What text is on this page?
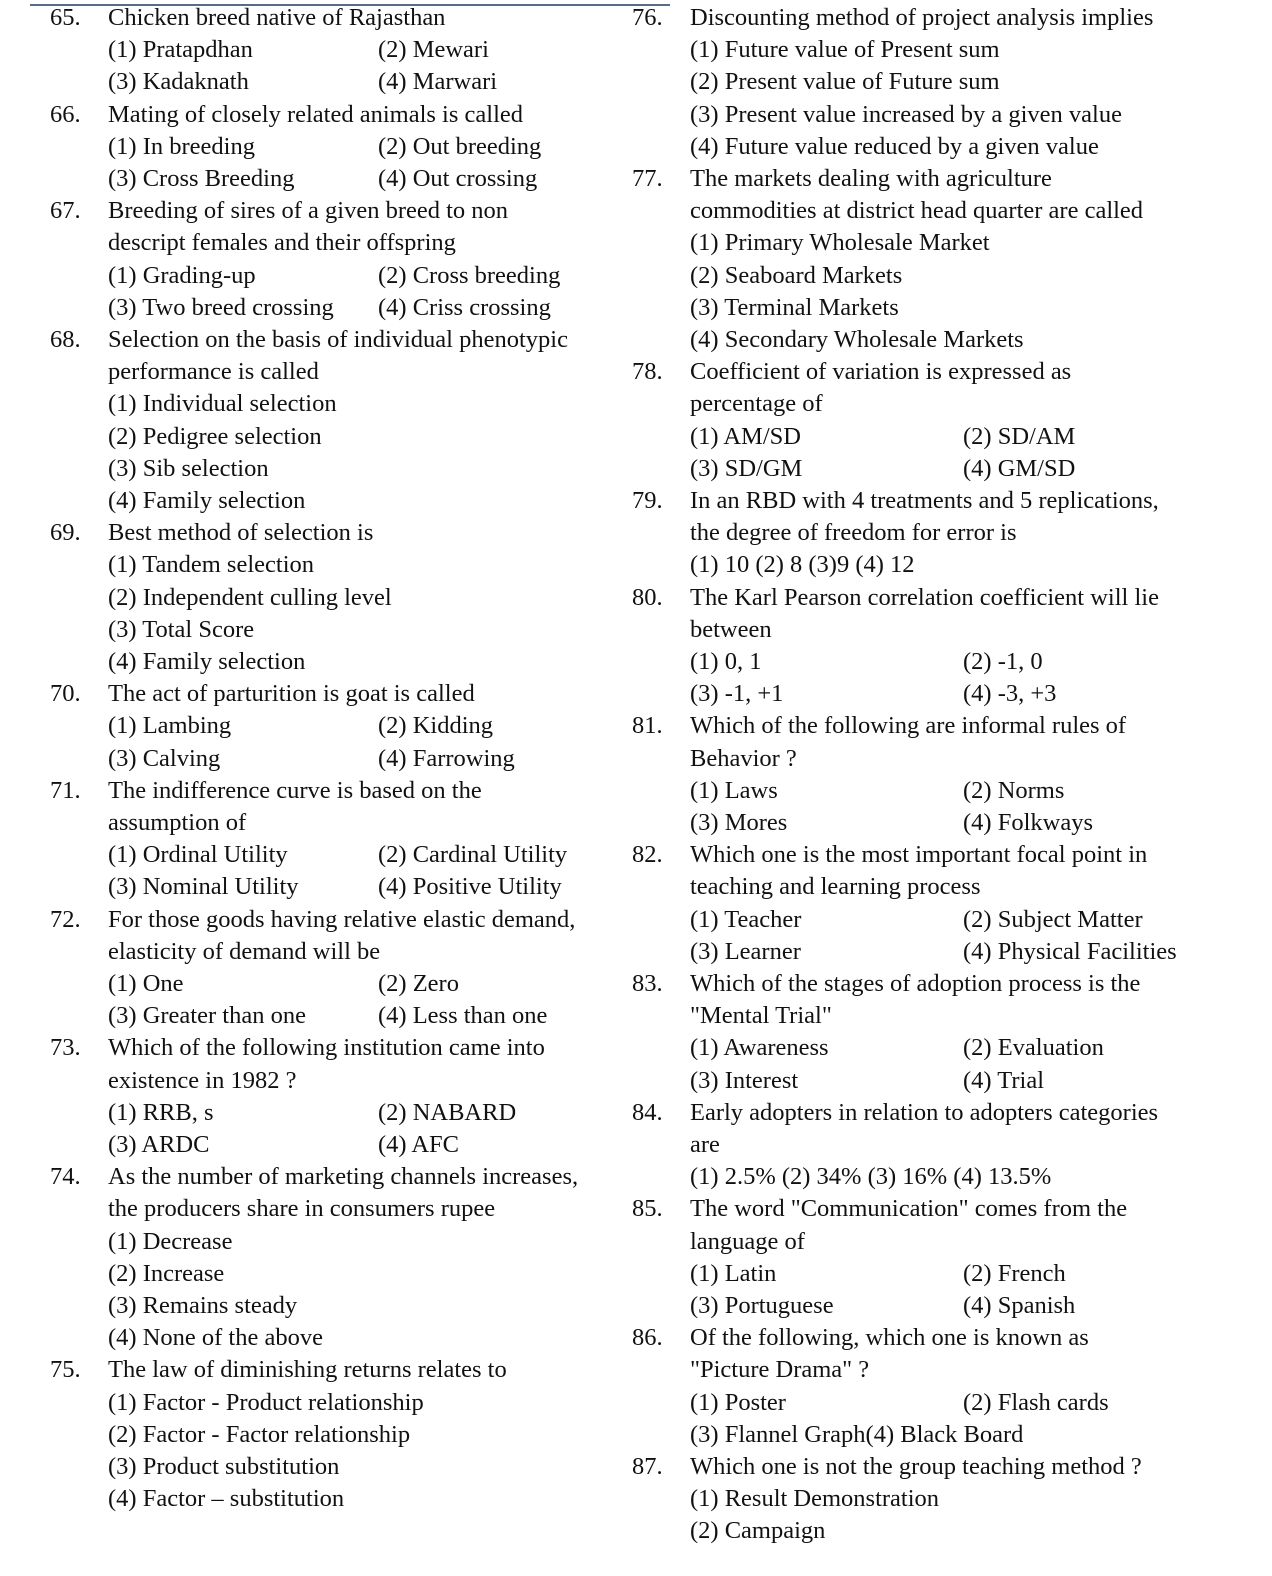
65.	Chicken breed native of Rajasthan
(1) Pratapdhan	(2) Mewari
(3) Kadaknath	(4) Marwari
66.	Mating of closely related animals is called
(1) In breeding	(2) Out breeding
(3) Cross Breeding	(4) Out crossing
67.	Breeding of sires of a given breed to non
descript females and their offspring
(1) Grading-up	(2) Cross breeding
(3) Two breed crossing (4) Criss crossing
68.	Selection on the basis of individual phenotypic
performance is called
(1) Individual selection
(2) Pedigree selection
(3) Sib selection
(4) Family selection
69.	Best method of selection is
(1) Tandem selection
(2) Independent culling level
(3) Total Score
(4) Family selection
70.	The act of parturition is goat is called
(1) Lambing	(2) Kidding
(3) Calving	(4) Farrowing
71.	The indifference curve is based on the
assumption of
(1) Ordinal Utility	(2) Cardinal Utility
(3) Nominal Utility	(4) Positive Utility
72.	For those goods having relative elastic demand,
elasticity of demand will be
(1) One	(2) Zero
(3) Greater than one	(4) Less than one
73.	Which of the following institution came into
existence in 1982 ?
(1) RRB, s	(2) NABARD
(3) ARDC	(4) AFC
74.	As the number of marketing channels increases,
the producers share in consumers rupee
(1) Decrease
(2) Increase
(3) Remains steady
(4) None of the above
75.	The law of diminishing returns relates to
(1) Factor - Product relationship
(2) Factor - Factor relationship
(3) Product substitution
(4) Factor – substitution
76.	Discounting method of project analysis implies
(1) Future value of Present sum
(2) Present value of Future sum
(3) Present value increased by a given value
(4) Future value reduced by a given value
77.	The markets dealing with agriculture
commodities at district head quarter are called
(1) Primary Wholesale Market
(2) Seaboard Markets
(3) Terminal Markets
(4) Secondary Wholesale Markets
78.	Coefficient of variation is expressed as
percentage of
(1) AM/SD	(2) SD/AM
(3) SD/GM	(4) GM/SD
79.	In an RBD with 4 treatments and 5 replications,
the degree of freedom for error is
(1) 10 (2) 8 (3)9 (4) 12
80.	The Karl Pearson correlation coefficient will lie
between
(1) 0, 1	(2) -1, 0
(3) -1, +1	(4) -3, +3
81.	Which of the following are informal rules of
Behavior ?
(1) Laws	(2) Norms
(3) Mores	(4) Folkways
82.	Which one is the most important focal point in
teaching and learning process
(1) Teacher	(2) Subject Matter
(3) Learner	(4) Physical Facilities
83.	Which of the stages of adoption process is the
"Mental Trial"
(1) Awareness	(2) Evaluation
(3) Interest	(4) Trial
84.	Early adopters in relation to adopters categories
are
(1) 2.5% (2) 34% (3) 16% (4) 13.5%
85.	The word "Communication" comes from the
language of
(1) Latin	(2) French
(3) Portuguese	(4) Spanish
86.	Of the following, which one is known as
"Picture Drama" ?
(1) Poster	(2) Flash cards
(3) Flannel Graph(4) Black Board
87.	Which one is not the group teaching method ?
(1) Result Demonstration
(2) Campaign
